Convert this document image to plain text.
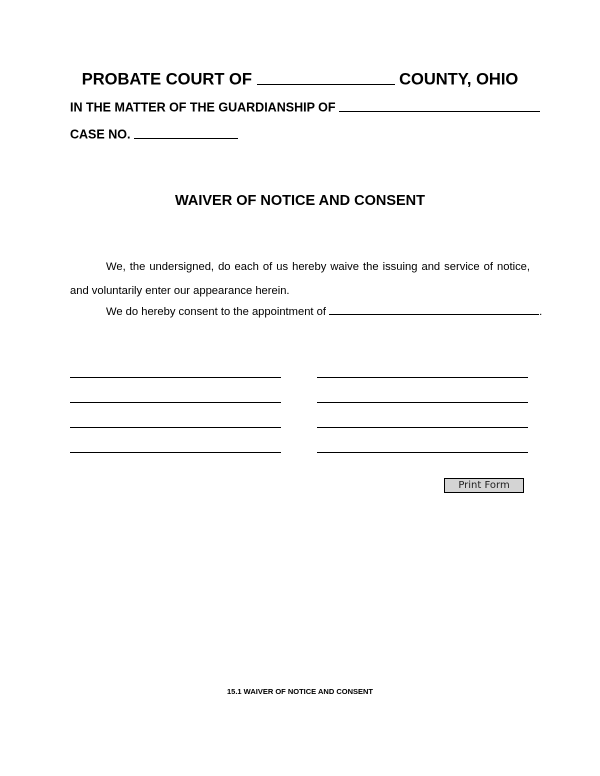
PROBATE COURT OF	COUNTY, OHIO
IN THE MATTER OF THE GUARDIANSHIP OF
CASE NO.
WAIVER OF NOTICE AND CONSENT
We, the undersigned, do each of us hereby waive the issuing and service of notice, and voluntarily enter our appearance herein.
We do hereby consent to the appointment of	.
Print Form
15.1 WAIVER OF NOTICE AND CONSENT
